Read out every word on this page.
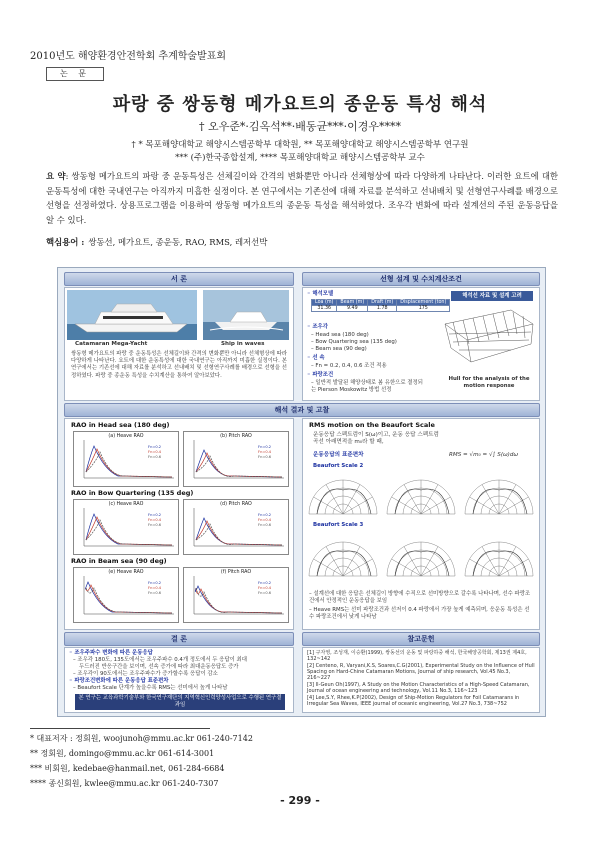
2010년도 해양환경안전학회 추계학술발표회
논 문
파랑 중 쌍동형 메가요트의 종운동 특성 해석
† 오우준*·김옥석**·배동균***·이경우****
† * 목포해양대학교 해양시스템공학부 대학원, ** 목포해양대학교 해양시스템공학부 연구원
*** (주)한국종합설계, **** 목포해양대학교 해양시스템공학부 교수
요 약: 쌍동형 메가요트의 파랑 중 운동특성은 선체길이와 간격의 변화뿐만 아니라 선체형상에 따라 다양하게 나타난다. 이러한 요트에 대한 운동특성에 대한 국내연구는 아직까지 미흡한 실정이다. 본 연구에서는 기존선에 대해 자료를 분석하고 선내배치 및 선형연구사례를 배경으로 선형을 선정하였다. 상용프로그램을 이용하여 쌍동형 메가요트의 종운동 특성을 해석하였다. 조우각 변화에 따라 설계선의 주된 운동응답을 알 수 있다.
핵심용어 : 쌍동선, 메가요트, 종운동, RAO, RMS, 레저선박
서 론
Catamaran Mega-Yacht	Ship in waves
쌍동형 메가요트의 파랑 중 운동특성은 선체길이와 간격의 변화뿐만 아니라 선체형상에 따라 다양하게 나타난다. 요트에 대한 운동특성에 대한 국내연구는 아직까지 미흡한 실정이다. 본 연구에서는 기존선에 대해 자료를 분석하고 선내배치 및 선형연구사례를 배경으로 선형을 선정하였다. 파랑 중 종운동 특성을 수치계산을 통하여 알아보았다.
선형 설계 및 수치계산조건
◦ 해석모델
Loa (m)	Beam (m)	Draft (m)	Displacement (ton)
31.36	9.49	1.78	175
◦ 조우각
– Head sea (180 deg)
– Bow Quartering sea (135 deg)
– Beam sea (90 deg)
◦ 선 속
– Fn = 0.2, 0.4, 0.6 조건 적용
◦ 파랑조건
– 일반적 발달된 해양상태로 봄 유한으로 결정되는 Pierson Moskowitz 방법 선정
해석선 자료 및 설계 고려
Hull for the analysis of the motion response
해석 결과 및 고찰
RAO in Head sea (180 deg)
RAO in Bow Quartering (135 deg)
RAO in Beam sea (90 deg)
(a) Heave RAO
Fn=0.2
Fn=0.4
Fn=0.6
(b) Pitch RAO
Fn=0.2
Fn=0.4
Fn=0.6
(c) Heave RAO
Fn=0.2
Fn=0.4
Fn=0.6
(d) Pitch RAO
Fn=0.2
Fn=0.4
Fn=0.6
(e) Heave RAO
Fn=0.2
Fn=0.4
Fn=0.6
(f) Pitch RAO
Fn=0.2
Fn=0.4
Fn=0.6
RMS motion on the Beaufort Scale
운동응답 스펙트럼이 S(ω)이고, 운동 응답 스펙트럼 곡선 아래면적을 m₀라 할 때,
운동응답의 표준편차	RMS = √m₀ = √∫ S(ω)dω
Beaufort Scale 2
Beaufort Scale 3
– 설계선에 대한 응답은 선체길이 방향에 수직으로 선미방향으로 갈수록 나타나며, 선수 파랑조건에서 안정적인 운동응답을 보임
– Heave RMS는 선미 파랑조건과 선저이 0.4 파랑에서 가장 높게 예측되며, 응운동 특성은 선수 파랑조건에서 낮게 나타남
결 론
◦ 조우주파수 변화에 따른 운동응답
– 조우각 180도, 135도에서는 조우주파수 0.4개 정도에서 두 응답이 최대
두드러진 반응구간을 보이며, 선속 증가에 따라 최대운동응답도 증가
– 조우각이 90도에서는 조우주파수가 증가할수록 응답이 감소
◦ 파랑조건변화에 따른 운동응답 표준편차
– Beaufort Scale 단계가 높을수록 RMS는 선미에서 높게 나타남
본 연구는 교육과학기술부와 한국연구재단의 지역혁신인력양성사업으로 수행된 연구결과임
참고문헌
[1] 구자영, 조성재, 이승환(1999), 쌍동선의 운동 및 파랑하중 해석, 한국해양공학회, 제13권 제4호, 132~142
[2] Centeno, R, Varyani,K.S, Soares,C.G(2001), Experimental Study on the Influence of Hull Spacing on Hard-Chine Catamaran Motions, Journal of ship research, Vol.45 No.3, 216~227
[3] Il-Geun Oh(1997), A Study on the Motion Characteristics of a High-Speed Catamaran, Journal of ocean engineering and technology, Vol.11 No.3, 116~123
[4] Lee,S.Y, Rhee,K.P(2002), Design of Ship-Motion Regulators for Foil Catamarans in Irregular Sea Waves, IEEE journal of oceanic engineering, Vol.27 No.3, 738~752
* 대표저자 : 정회원, woojunoh@mmu.ac.kr 061-240-7142
** 정회원, domingo@mmu.ac.kr 061-614-3001
*** 비회원, kedebae@hanmail.net, 061-284-6684
**** 종신회원, kwlee@mmu.ac.kr 061-240-7307
- 299 -
